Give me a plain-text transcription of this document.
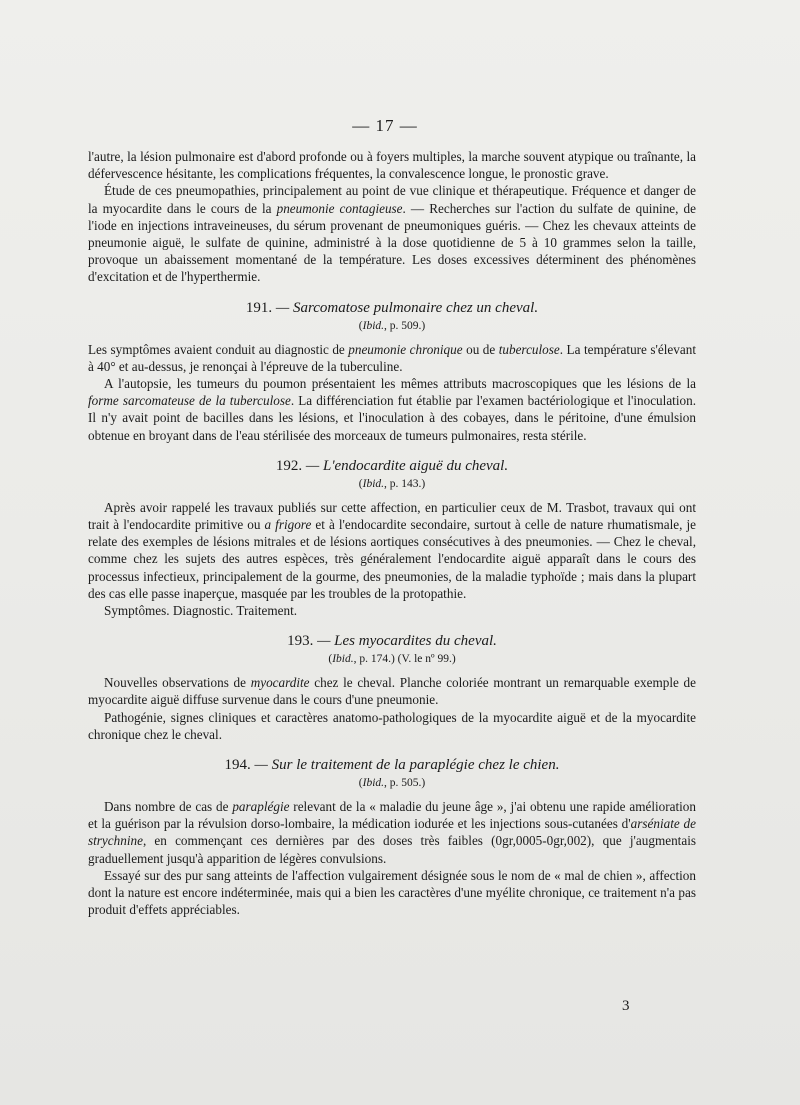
— 17 —

l'autre, la lésion pulmonaire est d'abord profonde ou à foyers multiples, la marche souvent atypique ou traînante, la défervescence hésitante, les complications fréquentes, la convalescence longue, le pronostic grave.

Étude de ces pneumopathies, principalement au point de vue clinique et thérapeutique. Fréquence et danger de la myocardite dans le cours de la pneumonie contagieuse. — Recherches sur l'action du sulfate de quinine, de l'iode en injections intraveineuses, du sérum provenant de pneumoniques guéris. — Chez les chevaux atteints de pneumonie aiguë, le sulfate de quinine, administré à la dose quotidienne de 5 à 10 grammes selon la taille, provoque un abaissement momentané de la température. Les doses excessives déterminent des phénomènes d'excitation et de l'hyperthermie.

191. — Sarcomatose pulmonaire chez un cheval.
(Ibid., p. 509.)

Les symptômes avaient conduit au diagnostic de pneumonie chronique ou de tuberculose. La température s'élevant à 40° et au-dessus, je renonçai à l'épreuve de la tuberculine.

A l'autopsie, les tumeurs du poumon présentaient les mêmes attributs macroscopiques que les lésions de la forme sarcomateuse de la tuberculose. La différenciation fut établie par l'examen bactériologique et l'inoculation. Il n'y avait point de bacilles dans les lésions, et l'inoculation à des cobayes, dans le péritoine, d'une émulsion obtenue en broyant dans de l'eau stérilisée des morceaux de tumeurs pulmonaires, resta stérile.

192. — L'endocardite aiguë du cheval.
(Ibid., p. 143.)

Après avoir rappelé les travaux publiés sur cette affection, en particulier ceux de M. Trasbot, travaux qui ont trait à l'endocardite primitive ou a frigore et à l'endocardite secondaire, surtout à celle de nature rhumatismale, je relate des exemples de lésions mitrales et de lésions aortiques consécutives à des pneumonies. — Chez le cheval, comme chez les sujets des autres espèces, très généralement l'endocardite aiguë apparaît dans le cours des processus infectieux, principalement de la gourme, des pneumonies, de la maladie typhoïde ; mais dans la plupart des cas elle passe inaperçue, masquée par les troubles de la protopathie.

Symptômes. Diagnostic. Traitement.

193. — Les myocardites du cheval.
(Ibid., p. 174.) (V. le nº 99.)

Nouvelles observations de myocardite chez le cheval. Planche coloriée montrant un remarquable exemple de myocardite aiguë diffuse survenue dans le cours d'une pneumonie.

Pathogénie, signes cliniques et caractères anatomo-pathologiques de la myocardite aiguë et de la myocardite chronique chez le cheval.

194. — Sur le traitement de la paraplégie chez le chien.
(Ibid., p. 505.)

Dans nombre de cas de paraplégie relevant de la « maladie du jeune âge », j'ai obtenu une rapide amélioration et la guérison par la révulsion dorso-lombaire, la médication iodurée et les injections sous-cutanées d'arséniate de strychnine, en commençant ces dernières par des doses très faibles (0gr,0005-0gr,002), que j'augmentais graduellement jusqu'à apparition de légères convulsions.

Essayé sur des pur sang atteints de l'affection vulgairement désignée sous le nom de « mal de chien », affection dont la nature est encore indéterminée, mais qui a bien les caractères d'une myélite chronique, ce traitement n'a pas produit d'effets appréciables.

3
